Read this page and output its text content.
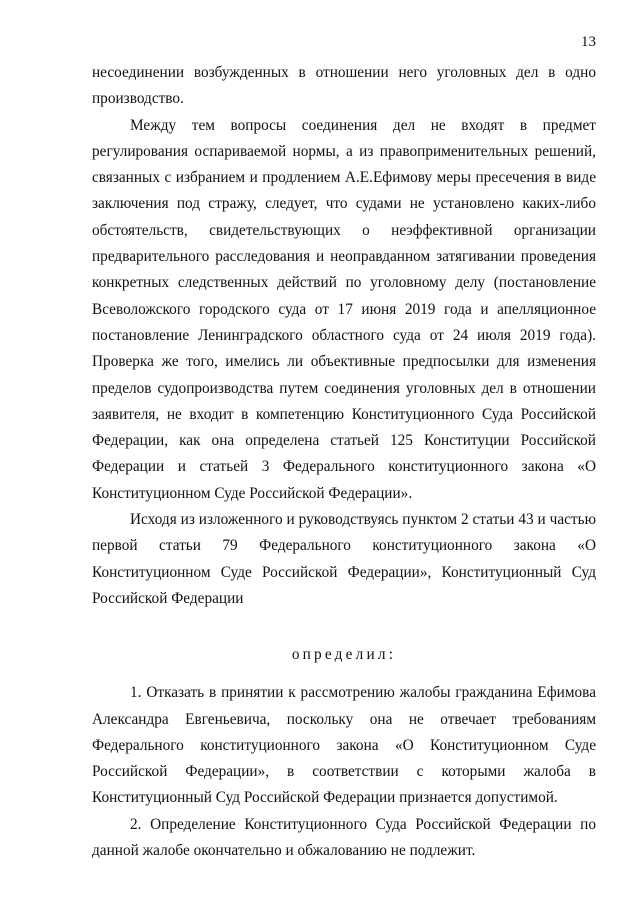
13

несоединении возбужденных в отношении него уголовных дел в одно производство.

Между тем вопросы соединения дел не входят в предмет регулирования оспариваемой нормы, а из правоприменительных решений, связанных с избранием и продлением А.Е.Ефимову меры пресечения в виде заключения под стражу, следует, что судами не установлено каких-либо обстоятельств, свидетельствующих о неэффективной организации предварительного расследования и неоправданном затягивании проведения конкретных следственных действий по уголовному делу (постановление Всеволожского городского суда от 17 июня 2019 года и апелляционное постановление Ленинградского областного суда от 24 июля 2019 года). Проверка же того, имелись ли объективные предпосылки для изменения пределов судопроизводства путем соединения уголовных дел в отношении заявителя, не входит в компетенцию Конституционного Суда Российской Федерации, как она определена статьей 125 Конституции Российской Федерации и статьей 3 Федерального конституционного закона «О Конституционном Суде Российской Федерации».

Исходя из изложенного и руководствуясь пунктом 2 статьи 43 и частью первой статьи 79 Федерального конституционного закона «О Конституционном Суде Российской Федерации», Конституционный Суд Российской Федерации

определил:

1. Отказать в принятии к рассмотрению жалобы гражданина Ефимова Александра Евгеньевича, поскольку она не отвечает требованиям Федерального конституционного закона «О Конституционном Суде Российской Федерации», в соответствии с которыми жалоба в Конституционный Суд Российской Федерации признается допустимой.

2. Определение Конституционного Суда Российской Федерации по данной жалобе окончательно и обжалованию не подлежит.
